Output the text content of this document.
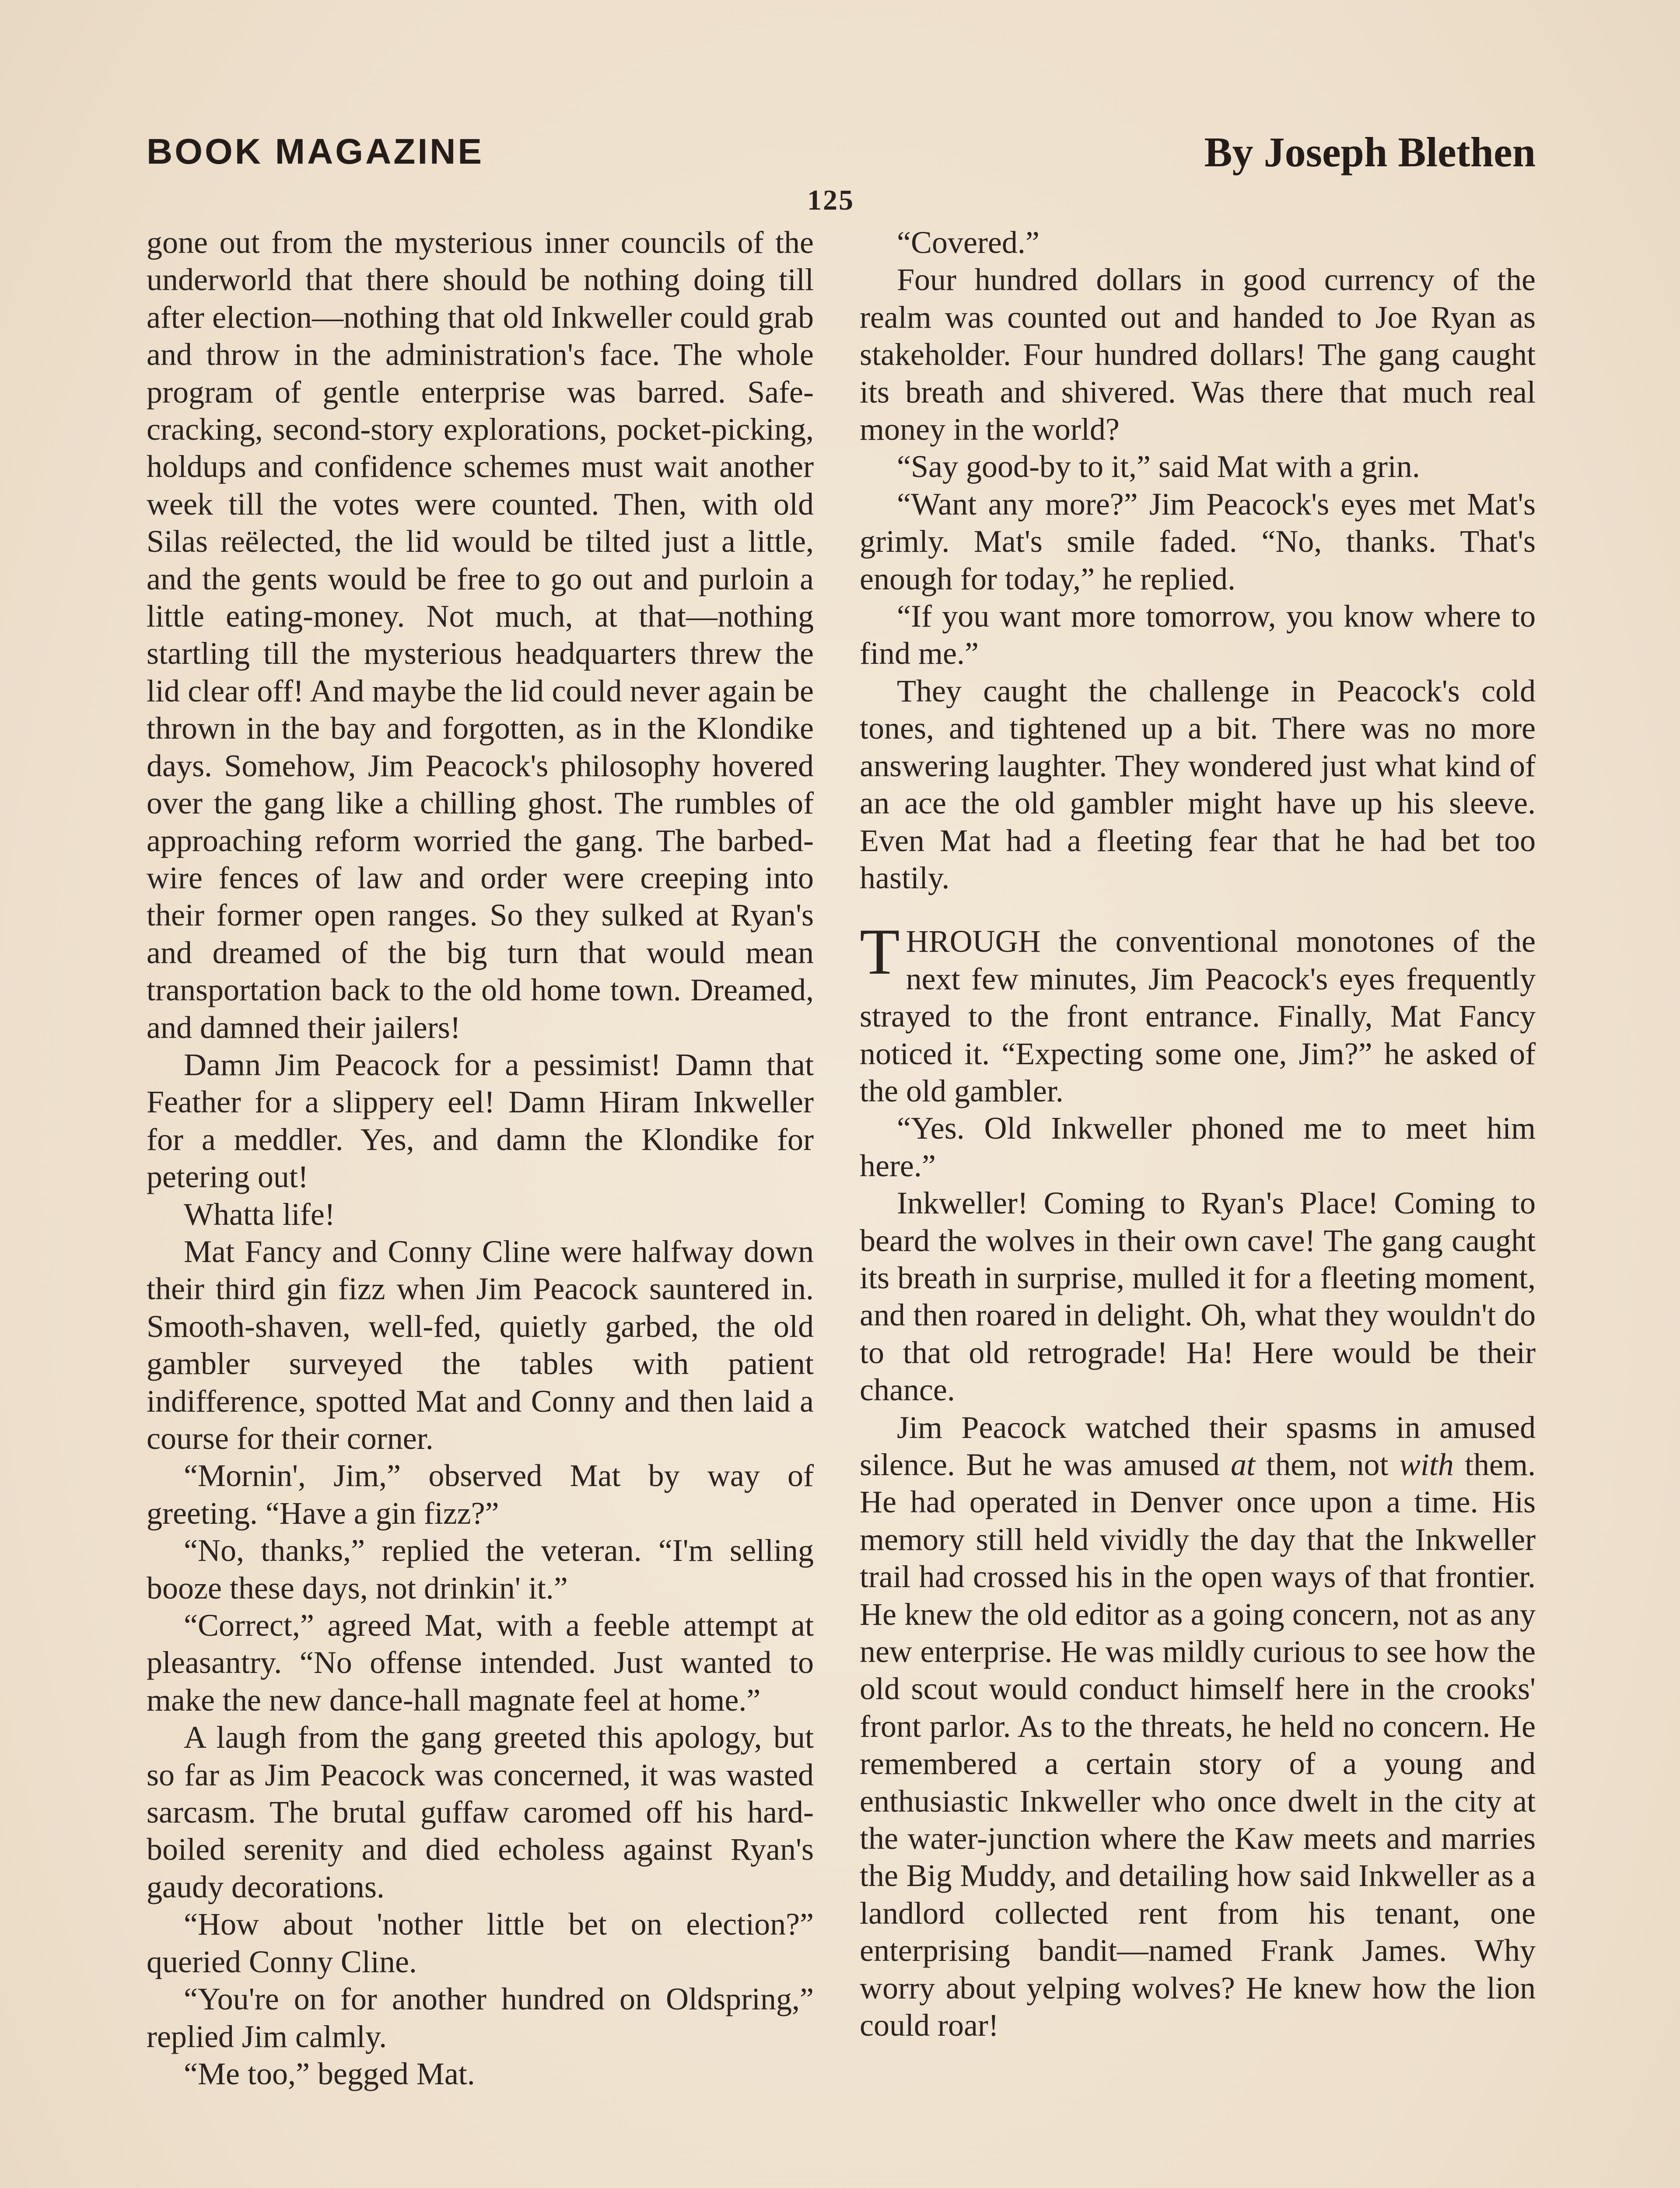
BOOK MAGAZINE	By Joseph Blethen
125

gone out from the mysterious inner councils of the underworld that there should be nothing doing till after election—nothing that old Inkweller could grab and throw in the administration's face. The whole program of gentle enterprise was barred. Safe-cracking, second-story explorations, pocket-picking, holdups and confidence schemes must wait another week till the votes were counted. Then, with old Silas reëlected, the lid would be tilted just a little, and the gents would be free to go out and purloin a little eating-money. Not much, at that—nothing startling till the mysterious headquarters threw the lid clear off! And maybe the lid could never again be thrown in the bay and forgotten, as in the Klondike days. Somehow, Jim Peacock's philosophy hovered over the gang like a chilling ghost. The rumbles of approaching reform worried the gang. The barbed-wire fences of law and order were creeping into their former open ranges. So they sulked at Ryan's and dreamed of the big turn that would mean transportation back to the old home town. Dreamed, and damned their jailers!

Damn Jim Peacock for a pessimist! Damn that Feather for a slippery eel! Damn Hiram Inkweller for a meddler. Yes, and damn the Klondike for petering out!

Whatta life!

Mat Fancy and Conny Cline were halfway down their third gin fizz when Jim Peacock sauntered in. Smooth-shaven, well-fed, quietly garbed, the old gambler surveyed the tables with patient indifference, spotted Mat and Conny and then laid a course for their corner.

“Mornin', Jim,” observed Mat by way of greeting. “Have a gin fizz?”

“No, thanks,” replied the veteran. “I'm selling booze these days, not drinkin' it.”

“Correct,” agreed Mat, with a feeble attempt at pleasantry. “No offense intended. Just wanted to make the new dance-hall magnate feel at home.”

A laugh from the gang greeted this apology, but so far as Jim Peacock was concerned, it was wasted sarcasm. The brutal guffaw caromed off his hard-boiled serenity and died echoless against Ryan's gaudy decorations.

“How about 'nother little bet on election?” queried Conny Cline.

“You're on for another hundred on Oldspring,” replied Jim calmly.

“Me too,” begged Mat.

“Covered.”

Four hundred dollars in good currency of the realm was counted out and handed to Joe Ryan as stakeholder. Four hundred dollars! The gang caught its breath and shivered. Was there that much real money in the world?

“Say good-by to it,” said Mat with a grin.

“Want any more?” Jim Peacock's eyes met Mat's grimly. Mat's smile faded. “No, thanks. That's enough for today,” he replied.

“If you want more tomorrow, you know where to find me.”

They caught the challenge in Peacock's cold tones, and tightened up a bit. There was no more answering laughter. They wondered just what kind of an ace the old gambler might have up his sleeve. Even Mat had a fleeting fear that he had bet too hastily.

THROUGH the conventional monotones of the next few minutes, Jim Peacock's eyes frequently strayed to the front entrance. Finally, Mat Fancy noticed it. “Expecting some one, Jim?” he asked of the old gambler.

“Yes. Old Inkweller phoned me to meet him here.”

Inkweller! Coming to Ryan's Place! Coming to beard the wolves in their own cave! The gang caught its breath in surprise, mulled it for a fleeting moment, and then roared in delight. Oh, what they wouldn't do to that old retrograde! Ha! Here would be their chance.

Jim Peacock watched their spasms in amused silence. But he was amused at them, not with them. He had operated in Denver once upon a time. His memory still held vividly the day that the Inkweller trail had crossed his in the open ways of that frontier. He knew the old editor as a going concern, not as any new enterprise. He was mildly curious to see how the old scout would conduct himself here in the crooks' front parlor. As to the threats, he held no concern. He remembered a certain story of a young and enthusiastic Inkweller who once dwelt in the city at the water-junction where the Kaw meets and marries the Big Muddy, and detailing how said Inkweller as a landlord collected rent from his tenant, one enterprising bandit—named Frank James. Why worry about yelping wolves? He knew how the lion could roar!
